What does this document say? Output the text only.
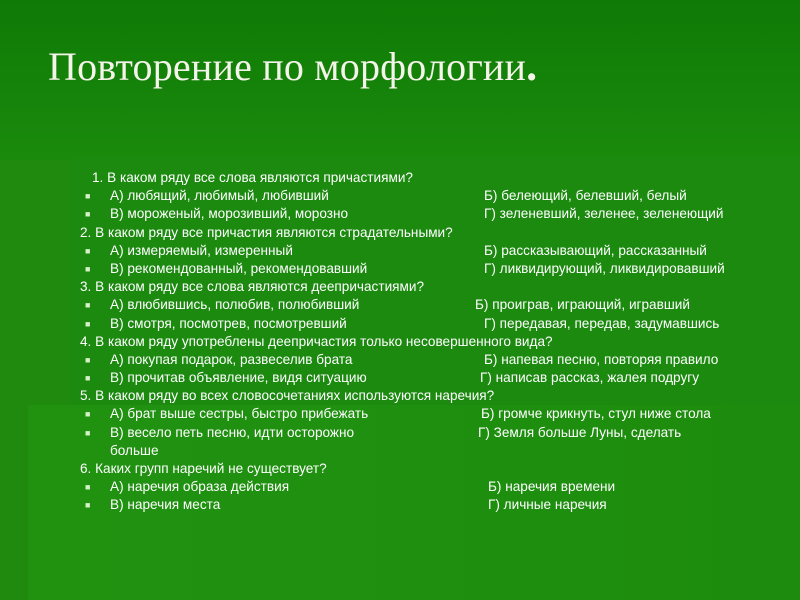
Повторение по морфологии.
1. В каком ряду все слова являются причастиями?
■ А) любящий, любимый, любивший	Б) белеющий, белевший, белый
■ В) мороженый, морозивший, морозно	Г) зеленевший, зеленее, зеленеющий
2. В каком ряду все причастия являются страдательными?
■ А) измеряемый, измеренный	Б) рассказывающий, рассказанный
■ В) рекомендованный, рекомендовавший	Г) ликвидирующий, ликвидировавший
3. В каком ряду все слова являются деепричастиями?
■ А) влюбившись, полюбив, полюбивший	Б) проиграв, играющий, игравший
■ В) смотря, посмотрев, посмотревший	Г) передавая, передав, задумавшись
4. В каком ряду употреблены деепричастия только несовершенного вида?
■ А) покупая подарок, развеселив брата	Б) напевая песню, повторяя правило
■ В) прочитав объявление, видя ситуацию	Г) написав рассказ, жалея подругу
5. В каком ряду во всех словосочетаниях используются наречия?
■ А) брат выше сестры, быстро прибежать	Б) громче крикнуть, стул ниже стола
■ В) весело петь песню, идти осторожно	Г) Земля больше Луны, сделать
больше
6. Каких групп наречий не существует?
■ А) наречия образа действия	Б) наречия времени
■ В) наречия места	Г) личные наречия
